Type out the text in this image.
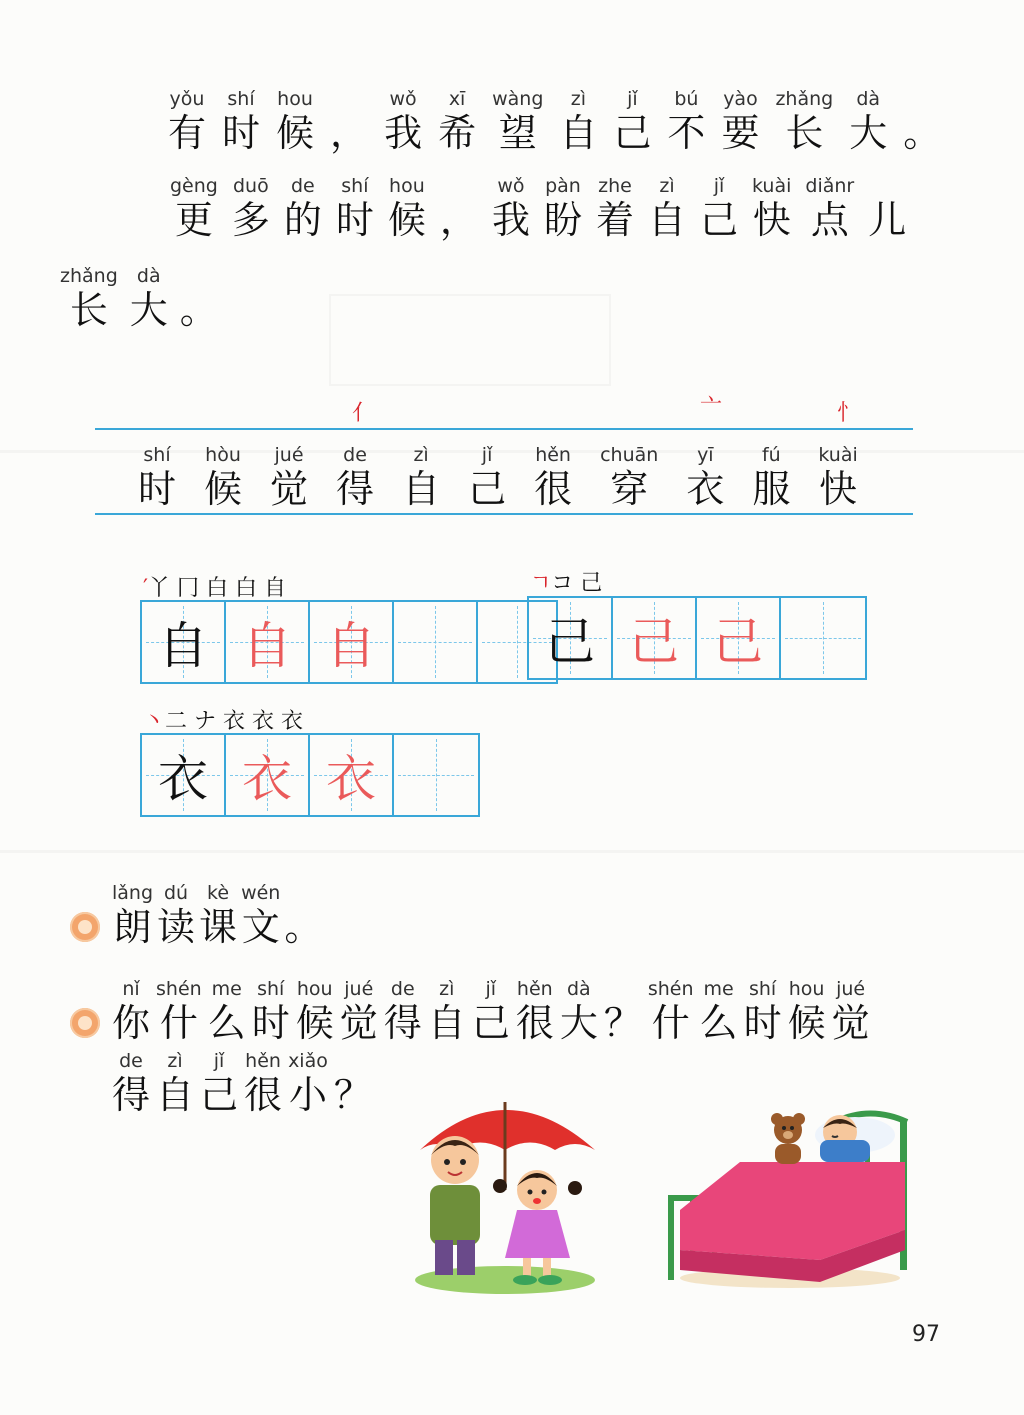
yǒu
有
shí
时
hou
候 ，
wǒ
我
xī
希
wàng
望
zì
自
jǐ
己
bú
不
yào
要
zhǎng
长
dà
大 。
gèng
更
duō
多
de
的
shí
时
hou
候 ，
wǒ
我
pàn
盼
zhe
着
zì
自
jǐ
己
kuài
快
diǎnr
点 儿
zhǎng
长
dà
大 。
亻	亠	忄
shí
时
hòu
候
jué
觉
de
得
zì
自
jǐ
己
hěn
很
chuān
穿
yī
衣
fú
服
kuài
快
′丫 冂 白 白 自
自 自 自
ㄱコ 己
己 己 己
丶二 ナ 衣 衣 衣
衣 衣 衣
lǎng
朗
dú
读
kè
课
wén
文 。
nǐ
你
shén
什
me
么
shí
时
hou
候
jué
觉
de
得
zì
自
jǐ
己
hěn
很
dà
大 ？
shén
什
me
么
shí
时
hou
候
jué
觉
de
得
zì
自
jǐ
己
hěn
很
xiǎo
小 ？
97
